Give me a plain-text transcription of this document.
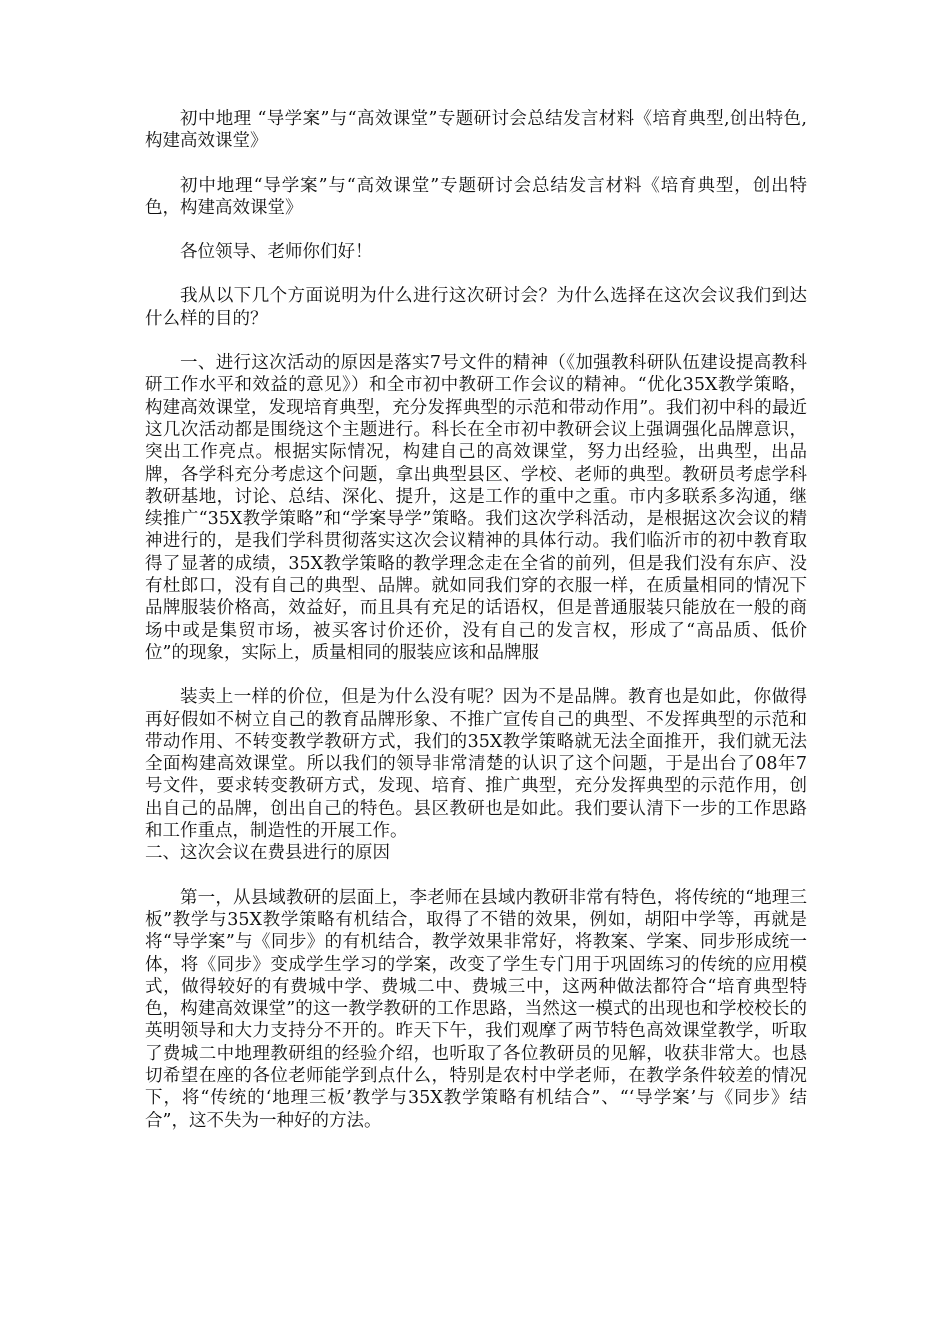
初中地理 “导学案”与“高效课堂”专题研讨会总结发言材料《培育典型,创出特色,构建高效课堂》

初中地理“导学案”与“高效课堂”专题研讨会总结发言材料《培育典型，创出特色，构建高效课堂》

各位领导、老师你们好！

我从以下几个方面说明为什么进行这次研讨会？为什么选择在这次会议我们到达什么样的目的？

一、进行这次活动的原因是落实7号文件的精神（《加强教科研队伍建设提高教科研工作水平和效益的意见》）和全市初中教研工作会议的精神。“优化35X教学策略，构建高效课堂，发现培育典型，充分发挥典型的示范和带动作用”。我们初中科的最近这几次活动都是围绕这个主题进行。科长在全市初中教研会议上强调强化品牌意识，突出工作亮点。根据实际情况，构建自己的高效课堂，努力出经验，出典型，出品牌，各学科充分考虑这个问题，拿出典型县区、学校、老师的典型。教研员考虑学科教研基地，讨论、总结、深化、提升，这是工作的重中之重。市内多联系多沟通，继续推广“35X教学策略”和“学案导学”策略。我们这次学科活动，是根据这次会议的精神进行的，是我们学科贯彻落实这次会议精神的具体行动。我们临沂市的初中教育取得了显著的成绩，35X教学策略的教学理念走在全省的前列，但是我们没有东庐、没有杜郎口，没有自己的典型、品牌。就如同我们穿的衣服一样，在质量相同的情况下品牌服装价格高，效益好，而且具有充足的话语权，但是普通服装只能放在一般的商场中或是集贸市场，被买客讨价还价，没有自己的发言权，形成了“高品质、低价位”的现象，实际上，质量相同的服装应该和品牌服

装卖上一样的价位，但是为什么没有呢？因为不是品牌。教育也是如此，你做得再好假如不树立自己的教育品牌形象、不推广宣传自己的典型、不发挥典型的示范和带动作用、不转变教学教研方式，我们的35X教学策略就无法全面推开，我们就无法全面构建高效课堂。所以我们的领导非常清楚的认识了这个问题，于是出台了08年7号文件，要求转变教研方式，发现、培育、推广典型，充分发挥典型的示范作用，创出自己的品牌，创出自己的特色。县区教研也是如此。我们要认清下一步的工作思路和工作重点，制造性的开展工作。

二、这次会议在费县进行的原因

第一，从县域教研的层面上，李老师在县域内教研非常有特色，将传统的“地理三板”教学与35X教学策略有机结合，取得了不错的效果，例如，胡阳中学等，再就是将“导学案”与《同步》的有机结合，教学效果非常好，将教案、学案、同步形成统一体，将《同步》变成学生学习的学案，改变了学生专门用于巩固练习的传统的应用模式，做得较好的有费城中学、费城二中、费城三中，这两种做法都符合“培育典型特色，构建高效课堂”的这一教学教研的工作思路，当然这一模式的出现也和学校校长的英明领导和大力支持分不开的。昨天下午，我们观摩了两节特色高效课堂教学，听取了费城二中地理教研组的经验介绍，也听取了各位教研员的见解，收获非常大。也恳切希望在座的各位老师能学到点什么，特别是农村中学老师，在教学条件较差的情况下，将“传统的‘地理三板’教学与35X教学策略有机结合”、“‘导学案’与《同步》结合”，这不失为一种好的方法。
